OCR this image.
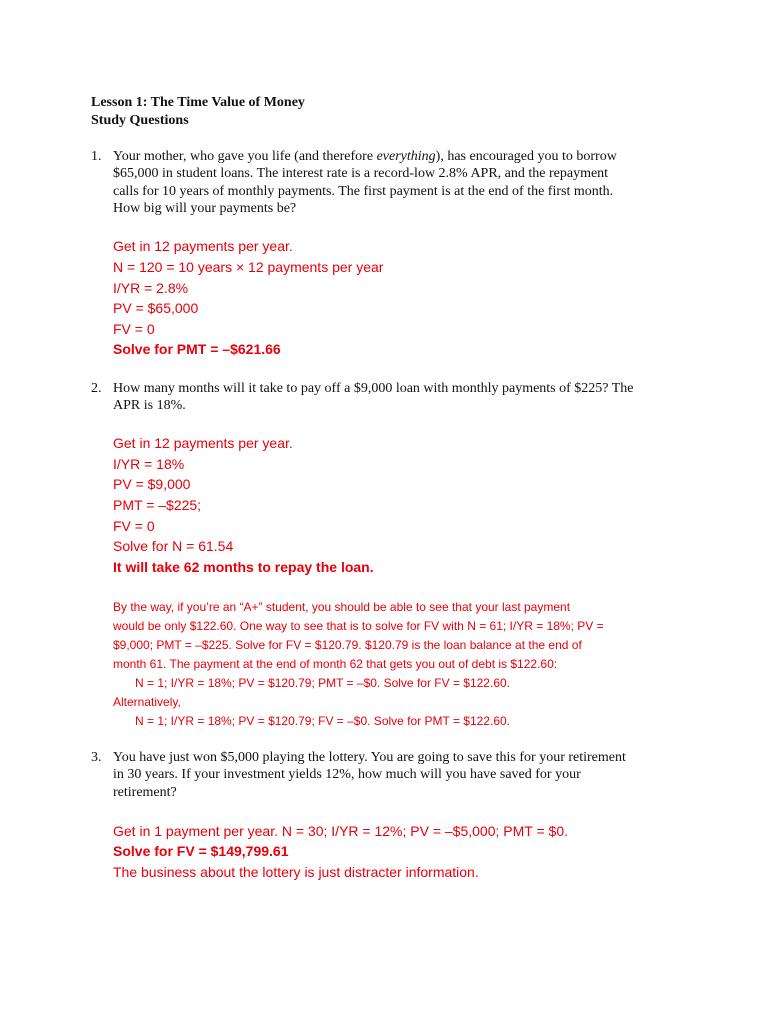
Lesson 1: The Time Value of Money
Study Questions
1. Your mother, who gave you life (and therefore everything), has encouraged you to borrow
$65,000 in student loans. The interest rate is a record-low 2.8% APR, and the repayment
calls for 10 years of monthly payments. The first payment is at the end of the first month.
How big will your payments be?
Get in 12 payments per year.
N = 120 = 10 years × 12 payments per year
I/YR = 2.8%
PV = $65,000
FV = 0
Solve for PMT = –$621.66
2. How many months will it take to pay off a $9,000 loan with monthly payments of $225? The
APR is 18%.
Get in 12 payments per year.
I/YR = 18%
PV = $9,000
PMT = –$225;
FV = 0
Solve for N = 61.54
It will take 62 months to repay the loan.
By the way, if you’re an “A+” student, you should be able to see that your last payment
would be only $122.60. One way to see that is to solve for FV with N = 61; I/YR = 18%; PV =
$9,000; PMT = –$225. Solve for FV = $120.79. $120.79 is the loan balance at the end of
month 61. The payment at the end of month 62 that gets you out of debt is $122.60:
N = 1; I/YR = 18%; PV = $120.79; PMT = –$0. Solve for FV = $122.60.
Alternatively,
N = 1; I/YR = 18%; PV = $120.79; FV = –$0. Solve for PMT = $122.60.
3. You have just won $5,000 playing the lottery. You are going to save this for your retirement
in 30 years. If your investment yields 12%, how much will you have saved for your
retirement?
Get in 1 payment per year. N = 30; I/YR = 12%; PV = –$5,000; PMT = $0.
Solve for FV = $149,799.61
The business about the lottery is just distracter information.
